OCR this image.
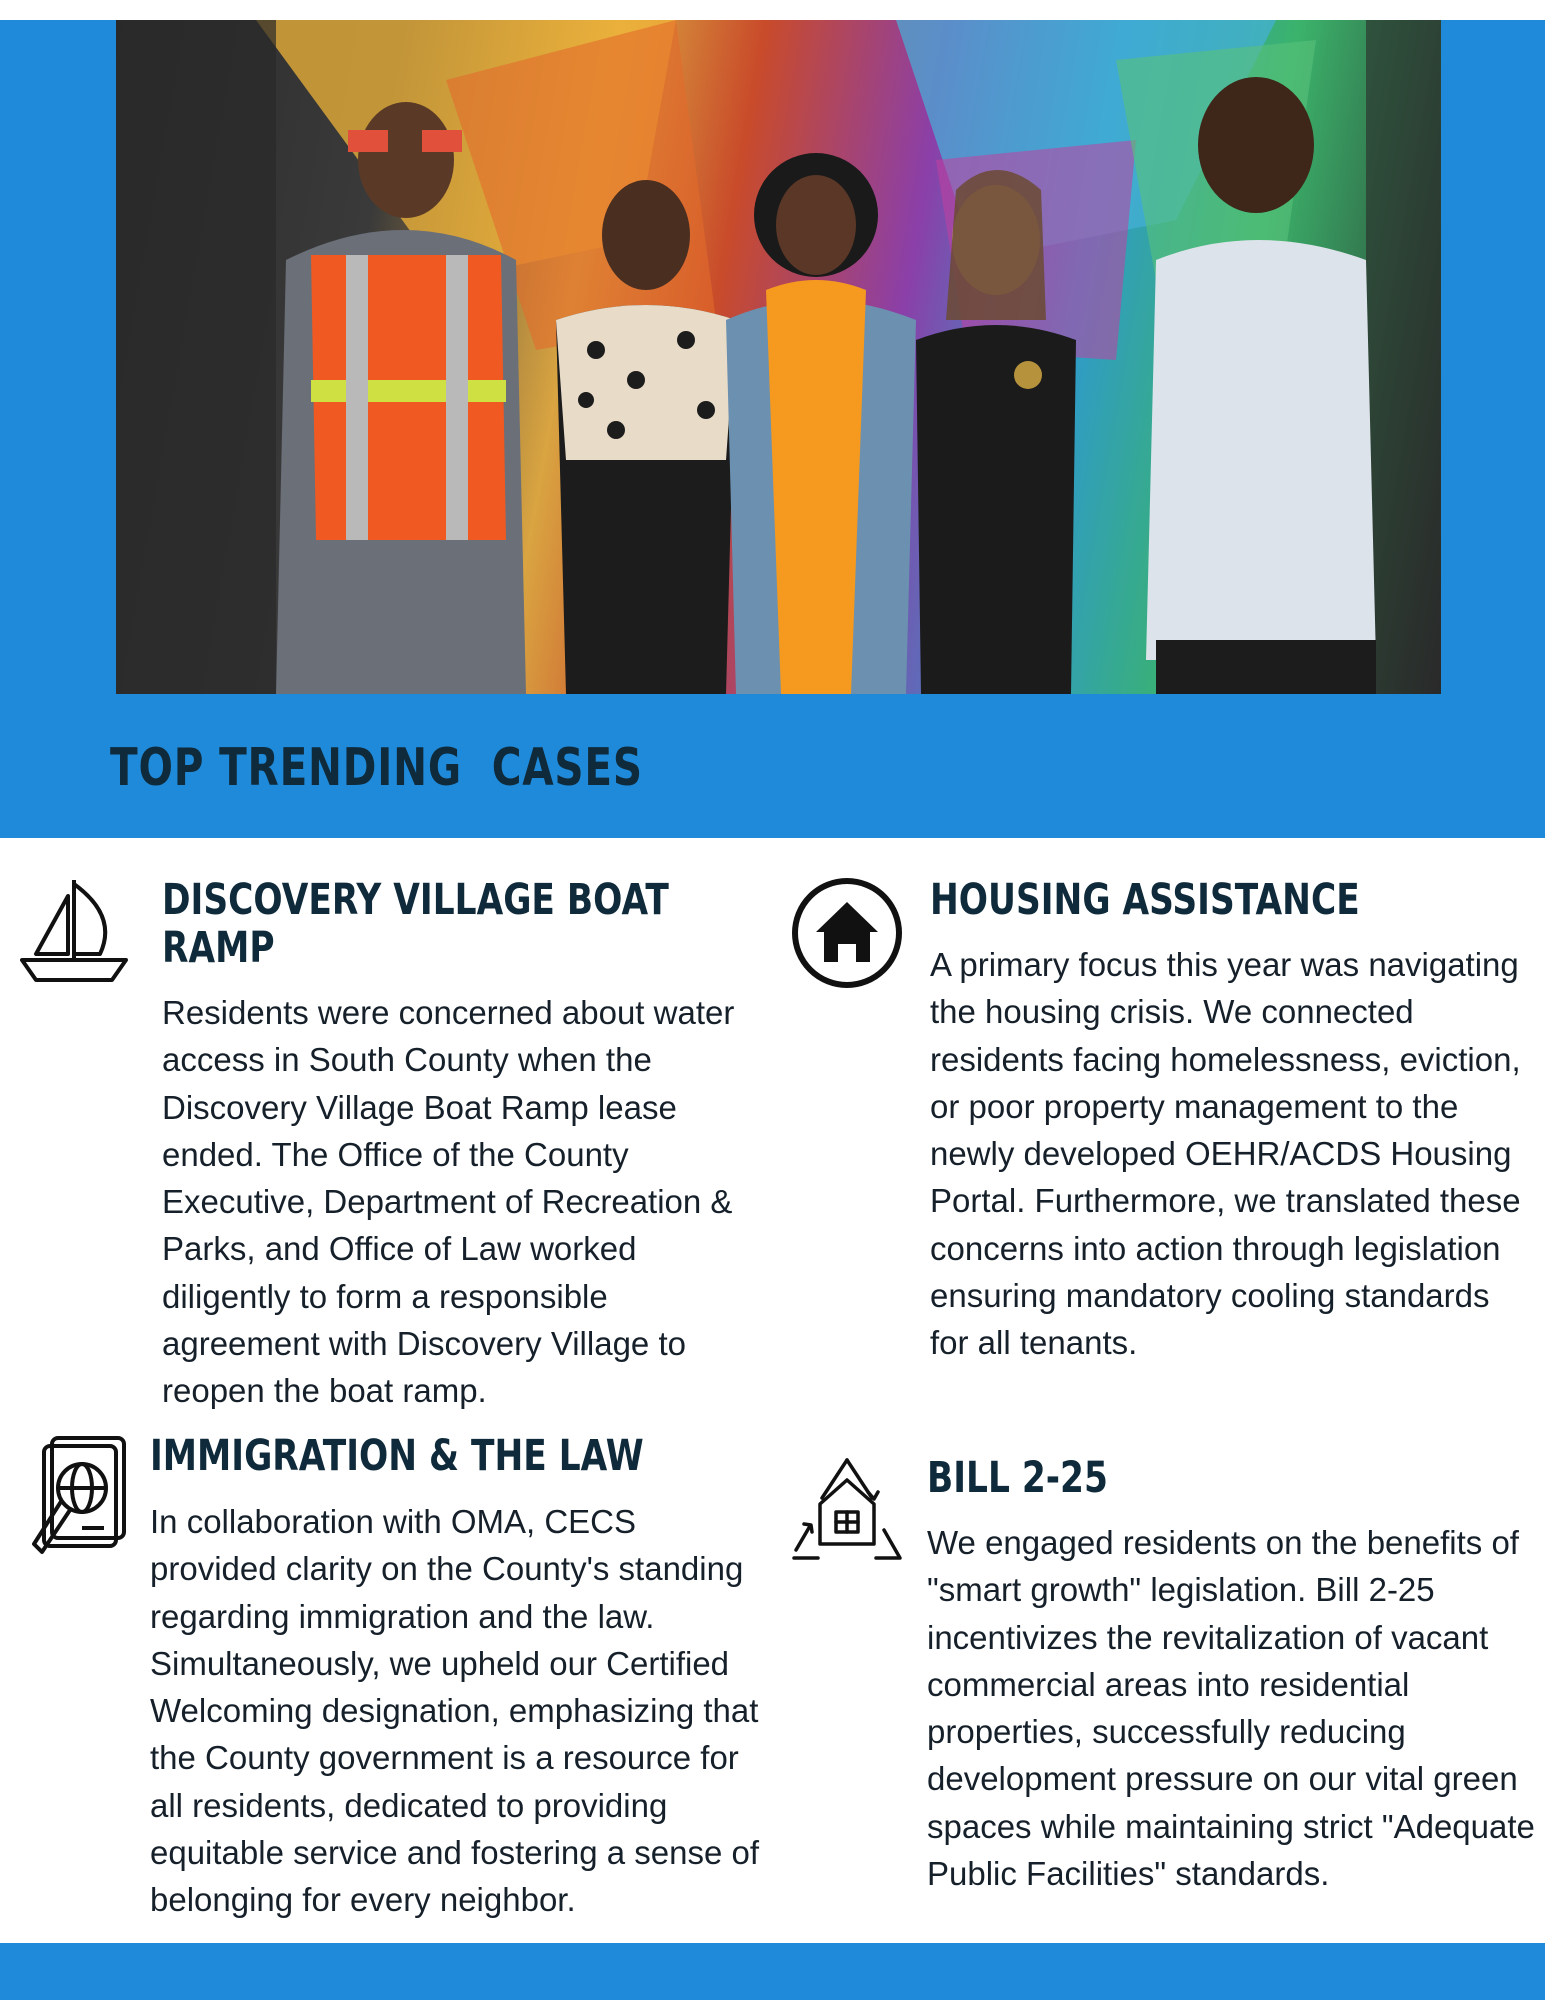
TOP TRENDING  CASES
DISCOVERY VILLAGE BOAT RAMP

Residents were concerned about water access in South County when the Discovery Village Boat Ramp lease ended. The Office of the County Executive, Department of Recreation & Parks, and Office of Law worked diligently to form a responsible agreement with Discovery Village to reopen the boat ramp.

HOUSING ASSISTANCE

A primary focus this year was navigating the housing crisis. We connected residents facing homelessness, eviction, or poor property management to the newly developed OEHR/ACDS Housing Portal. Furthermore, we translated these concerns into action through legislation ensuring mandatory cooling standards for all tenants.

IMMIGRATION & THE LAW

In collaboration with OMA, CECS provided clarity on the County's standing regarding immigration and the law. Simultaneously, we upheld our Certified Welcoming designation, emphasizing that the County government is a resource for all residents, dedicated to providing equitable service and fostering a sense of belonging for every neighbor.

BILL 2-25

We engaged residents on the benefits of "smart growth" legislation. Bill 2-25 incentivizes the revitalization of vacant commercial areas into residential properties, successfully reducing development pressure on our vital green spaces while maintaining strict "Adequate Public Facilities" standards.
